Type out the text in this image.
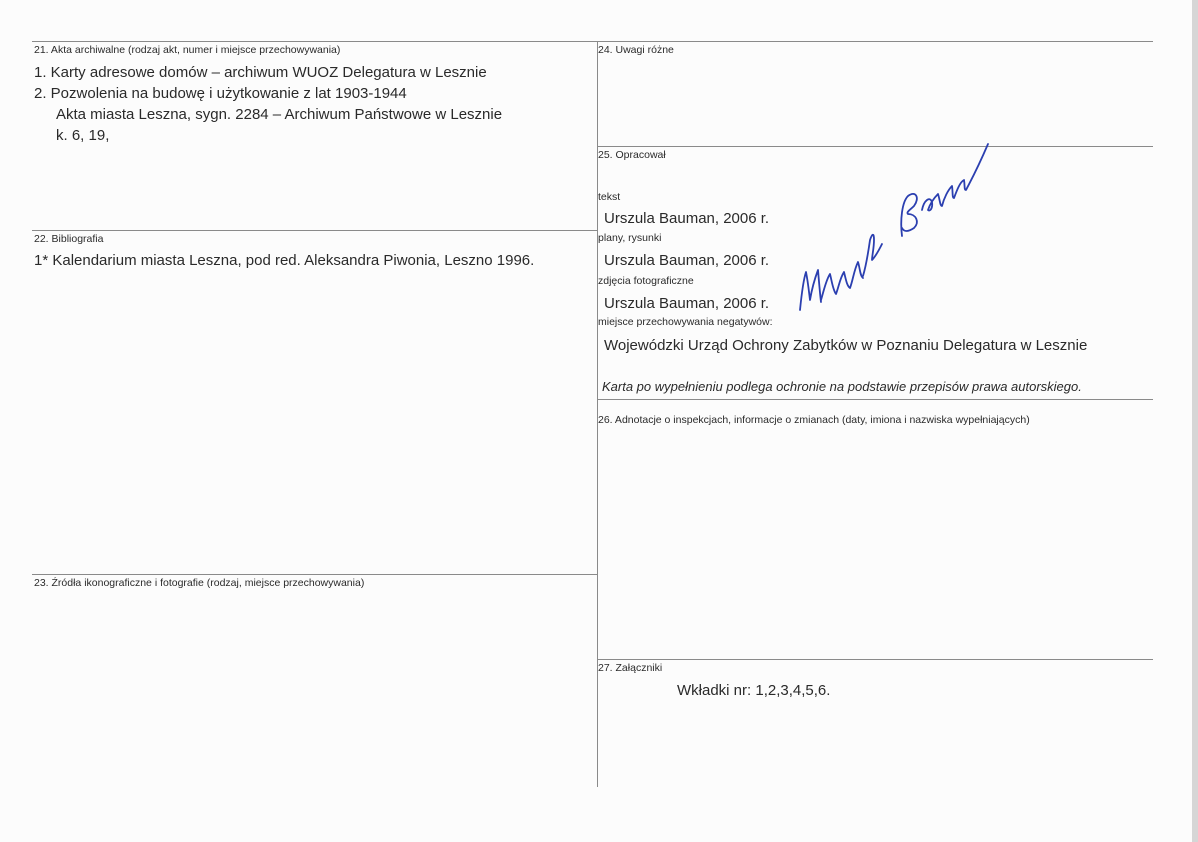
21. Akta archiwalne (rodzaj akt, numer i miejsce przechowywania)
1. Karty adresowe domów – archiwum WUOZ Delegatura w Lesznie
2. Pozwolenia na budowę i użytkowanie z lat 1903-1944
Akta miasta Leszna, sygn. 2284 – Archiwum Państwowe w Lesznie
k. 6, 19,
22. Bibliografia
1* Kalendarium miasta Leszna, pod red. Aleksandra Piwonia, Leszno 1996.
23. Źródła ikonograficzne i fotografie (rodzaj, miejsce przechowywania)
24. Uwagi różne
25. Opracował
tekst
Urszula Bauman, 2006 r.
plany, rysunki
Urszula Bauman, 2006 r.
zdjęcia fotograficzne
Urszula Bauman, 2006 r.
miejsce przechowywania negatywów:
Wojewódzki Urząd Ochrony Zabytków w Poznaniu Delegatura w Lesznie
Karta po wypełnieniu podlega ochronie na podstawie przepisów prawa autorskiego.
26. Adnotacje o inspekcjach, informacje o zmianach (daty, imiona i nazwiska wypełniających)
27. Załączniki
Wkładki nr: 1,2,3,4,5,6.
